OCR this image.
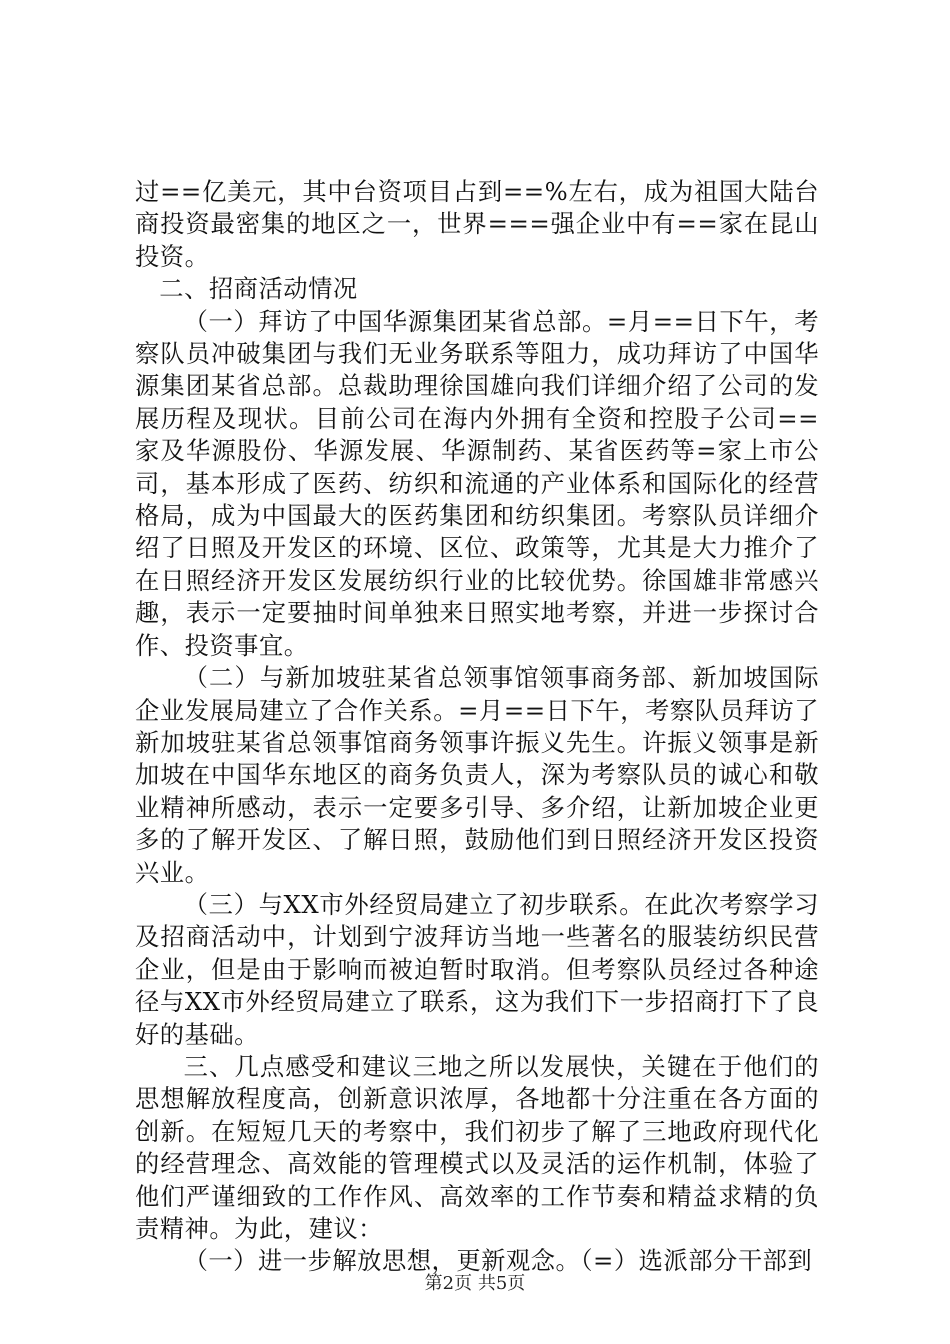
过==亿美元，其中台资项目占到==%左右，成为祖国大陆台商投资最密集的地区之一，世界===强企业中有==家在昆山投资。

二、招商活动情况

（一）拜访了中国华源集团某省总部。=月==日下午，考察队员冲破集团与我们无业务联系等阻力，成功拜访了中国华源集团某省总部。总裁助理徐国雄向我们详细介绍了公司的发展历程及现状。目前公司在海内外拥有全资和控股子公司==家及华源股份、华源发展、华源制药、某省医药等=家上市公司，基本形成了医药、纺织和流通的产业体系和国际化的经营格局，成为中国最大的医药集团和纺织集团。考察队员详细介绍了日照及开发区的环境、区位、政策等，尤其是大力推介了在日照经济开发区发展纺织行业的比较优势。徐国雄非常感兴趣，表示一定要抽时间单独来日照实地考察，并进一步探讨合作、投资事宜。

（二）与新加坡驻某省总领事馆领事商务部、新加坡国际企业发展局建立了合作关系。=月==日下午，考察队员拜访了新加坡驻某省总领事馆商务领事许振义先生。许振义领事是新加坡在中国华东地区的商务负责人，深为考察队员的诚心和敬业精神所感动，表示一定要多引导、多介绍，让新加坡企业更多的了解开发区、了解日照，鼓励他们到日照经济开发区投资兴业。

（三）与XX市外经贸局建立了初步联系。在此次考察学习及招商活动中，计划到宁波拜访当地一些著名的服装纺织民营企业，但是由于影响而被迫暂时取消。但考察队员经过各种途径与XX市外经贸局建立了联系，这为我们下一步招商打下了良好的基础。

三、几点感受和建议三地之所以发展快，关键在于他们的思想解放程度高，创新意识浓厚，各地都十分注重在各方面的创新。在短短几天的考察中，我们初步了解了三地政府现代化的经营理念、高效能的管理模式以及灵活的运作机制，体验了他们严谨细致的工作作风、高效率的工作节奏和精益求精的负责精神。为此，建议：

（一）进一步解放思想，更新观念。（=）选派部分干部到

第2页 共5页
